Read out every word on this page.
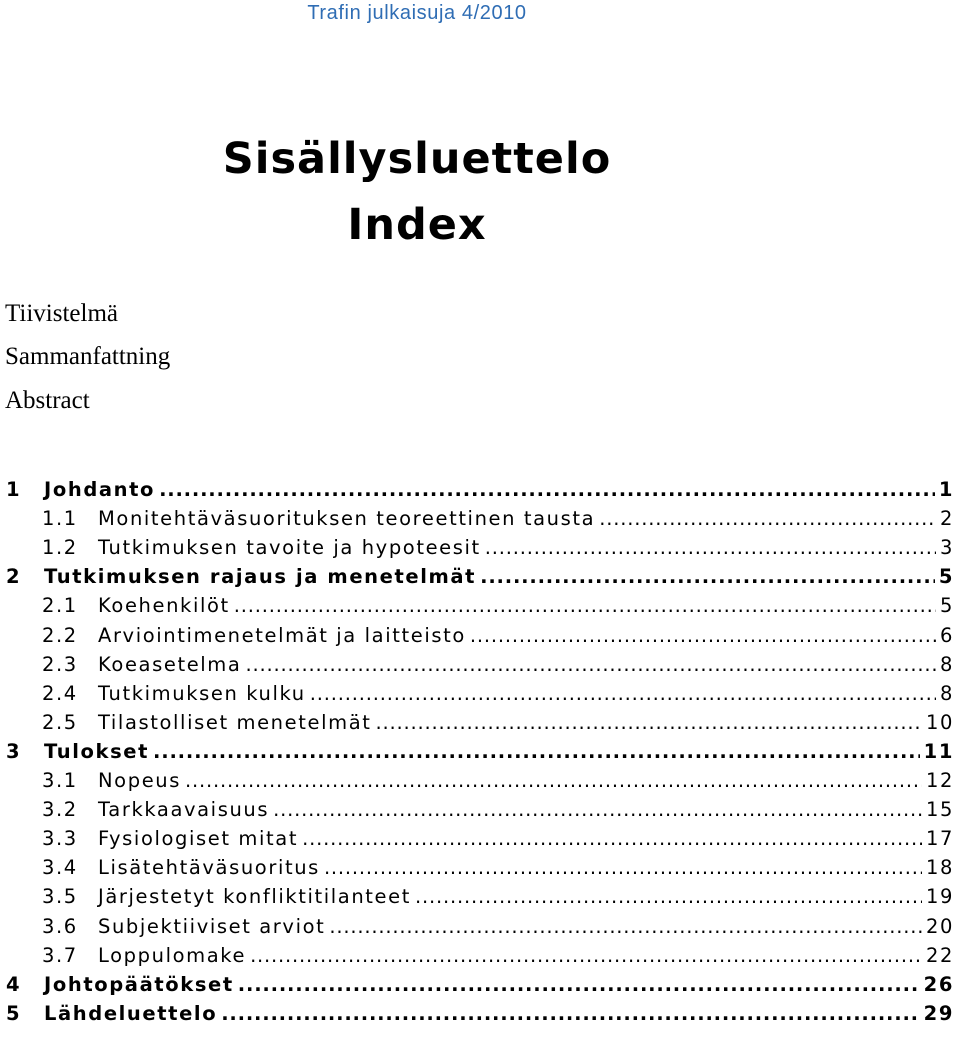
Trafin julkaisuja 4/2010
Sisällysluettelo
Index
Tiivistelmä
Sammanfattning
Abstract
1	Johdanto .....	1
1.1	Monitehtäväsuorituksen teoreettinen tausta .....	2
1.2	Tutkimuksen tavoite ja hypoteesit .....	3
2	Tutkimuksen rajaus ja menetelmät .....	5
2.1	Koehenkilöt .....	5
2.2	Arviointimenetelmät ja laitteisto .....	6
2.3	Koeasetelma .....	8
2.4	Tutkimuksen kulku .....	8
2.5	Tilastolliset menetelmät .....	10
3	Tulokset .....	11
3.1	Nopeus .....	12
3.2	Tarkkaavaisuus .....	15
3.3	Fysiologiset mitat .....	17
3.4	Lisätehtäväsuoritus .....	18
3.5	Järjestetyt konfliktitilanteet .....	19
3.6	Subjektiiviset arviot .....	20
3.7	Loppulomake .....	22
4	Johtopäätökset .....	26
5	Lähdeluettelo .....	29
